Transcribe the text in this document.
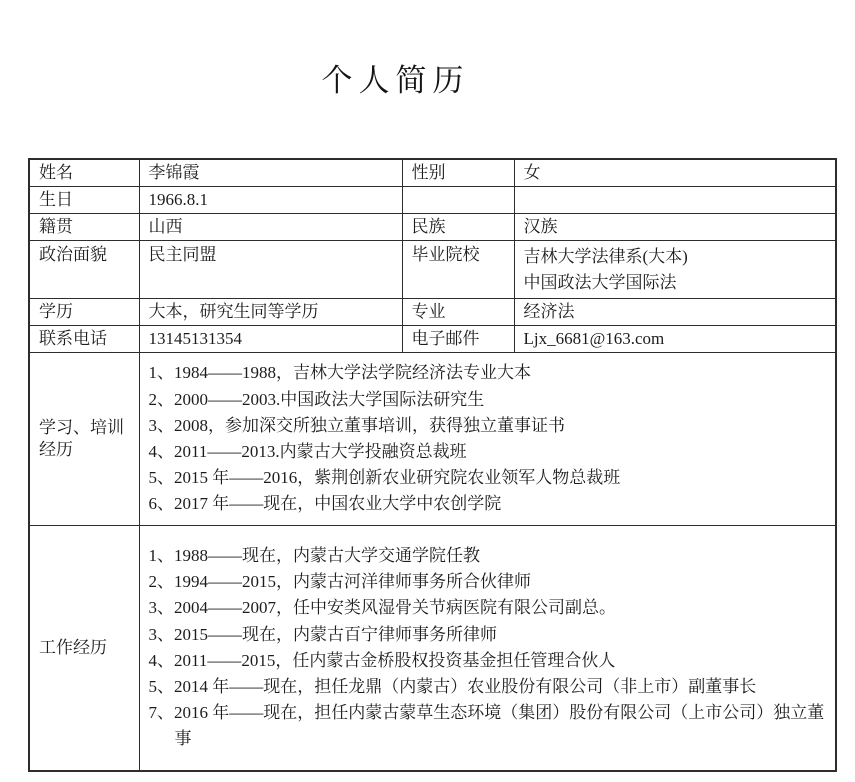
个人简历
姓名	李锦霞	性别	女
生日	1966.8.1		
籍贯	山西	民族	汉族
政治面貌	民主同盟	毕业院校	吉林大学法律系(大本)
中国政法大学国际法

学历	大本，研究生同等学历	专业	经济法
联系电话	13145131354	电子邮件	Ljx_6681@163.com
学习、培训经历	
1、1984——1988，吉林大学法学院经济法专业大本
2、2000——2003.中国政法大学国际法研究生
3、2008，参加深交所独立董事培训，获得独立董事证书
4、2011——2013.内蒙古大学投融资总裁班
5、2015 年——2016，紫荆创新农业研究院农业领军人物总裁班
6、2017 年——现在，中国农业大学中农创学院

工作经历	
1、1988——现在，内蒙古大学交通学院任教
2、1994——2015，内蒙古河洋律师事务所合伙律师
3、2004——2007，任中安类风湿骨关节病医院有限公司副总。
3、2015——现在，内蒙古百宁律师事务所律师
4、2011——2015，任内蒙古金桥股权投资基金担任管理合伙人
5、2014 年——现在，担任龙鼎（内蒙古）农业股份有限公司（非上市）副董事长
7、2016 年——现在，担任内蒙古蒙草生态环境（集团）股份有限公司（上市公司）独立董事
